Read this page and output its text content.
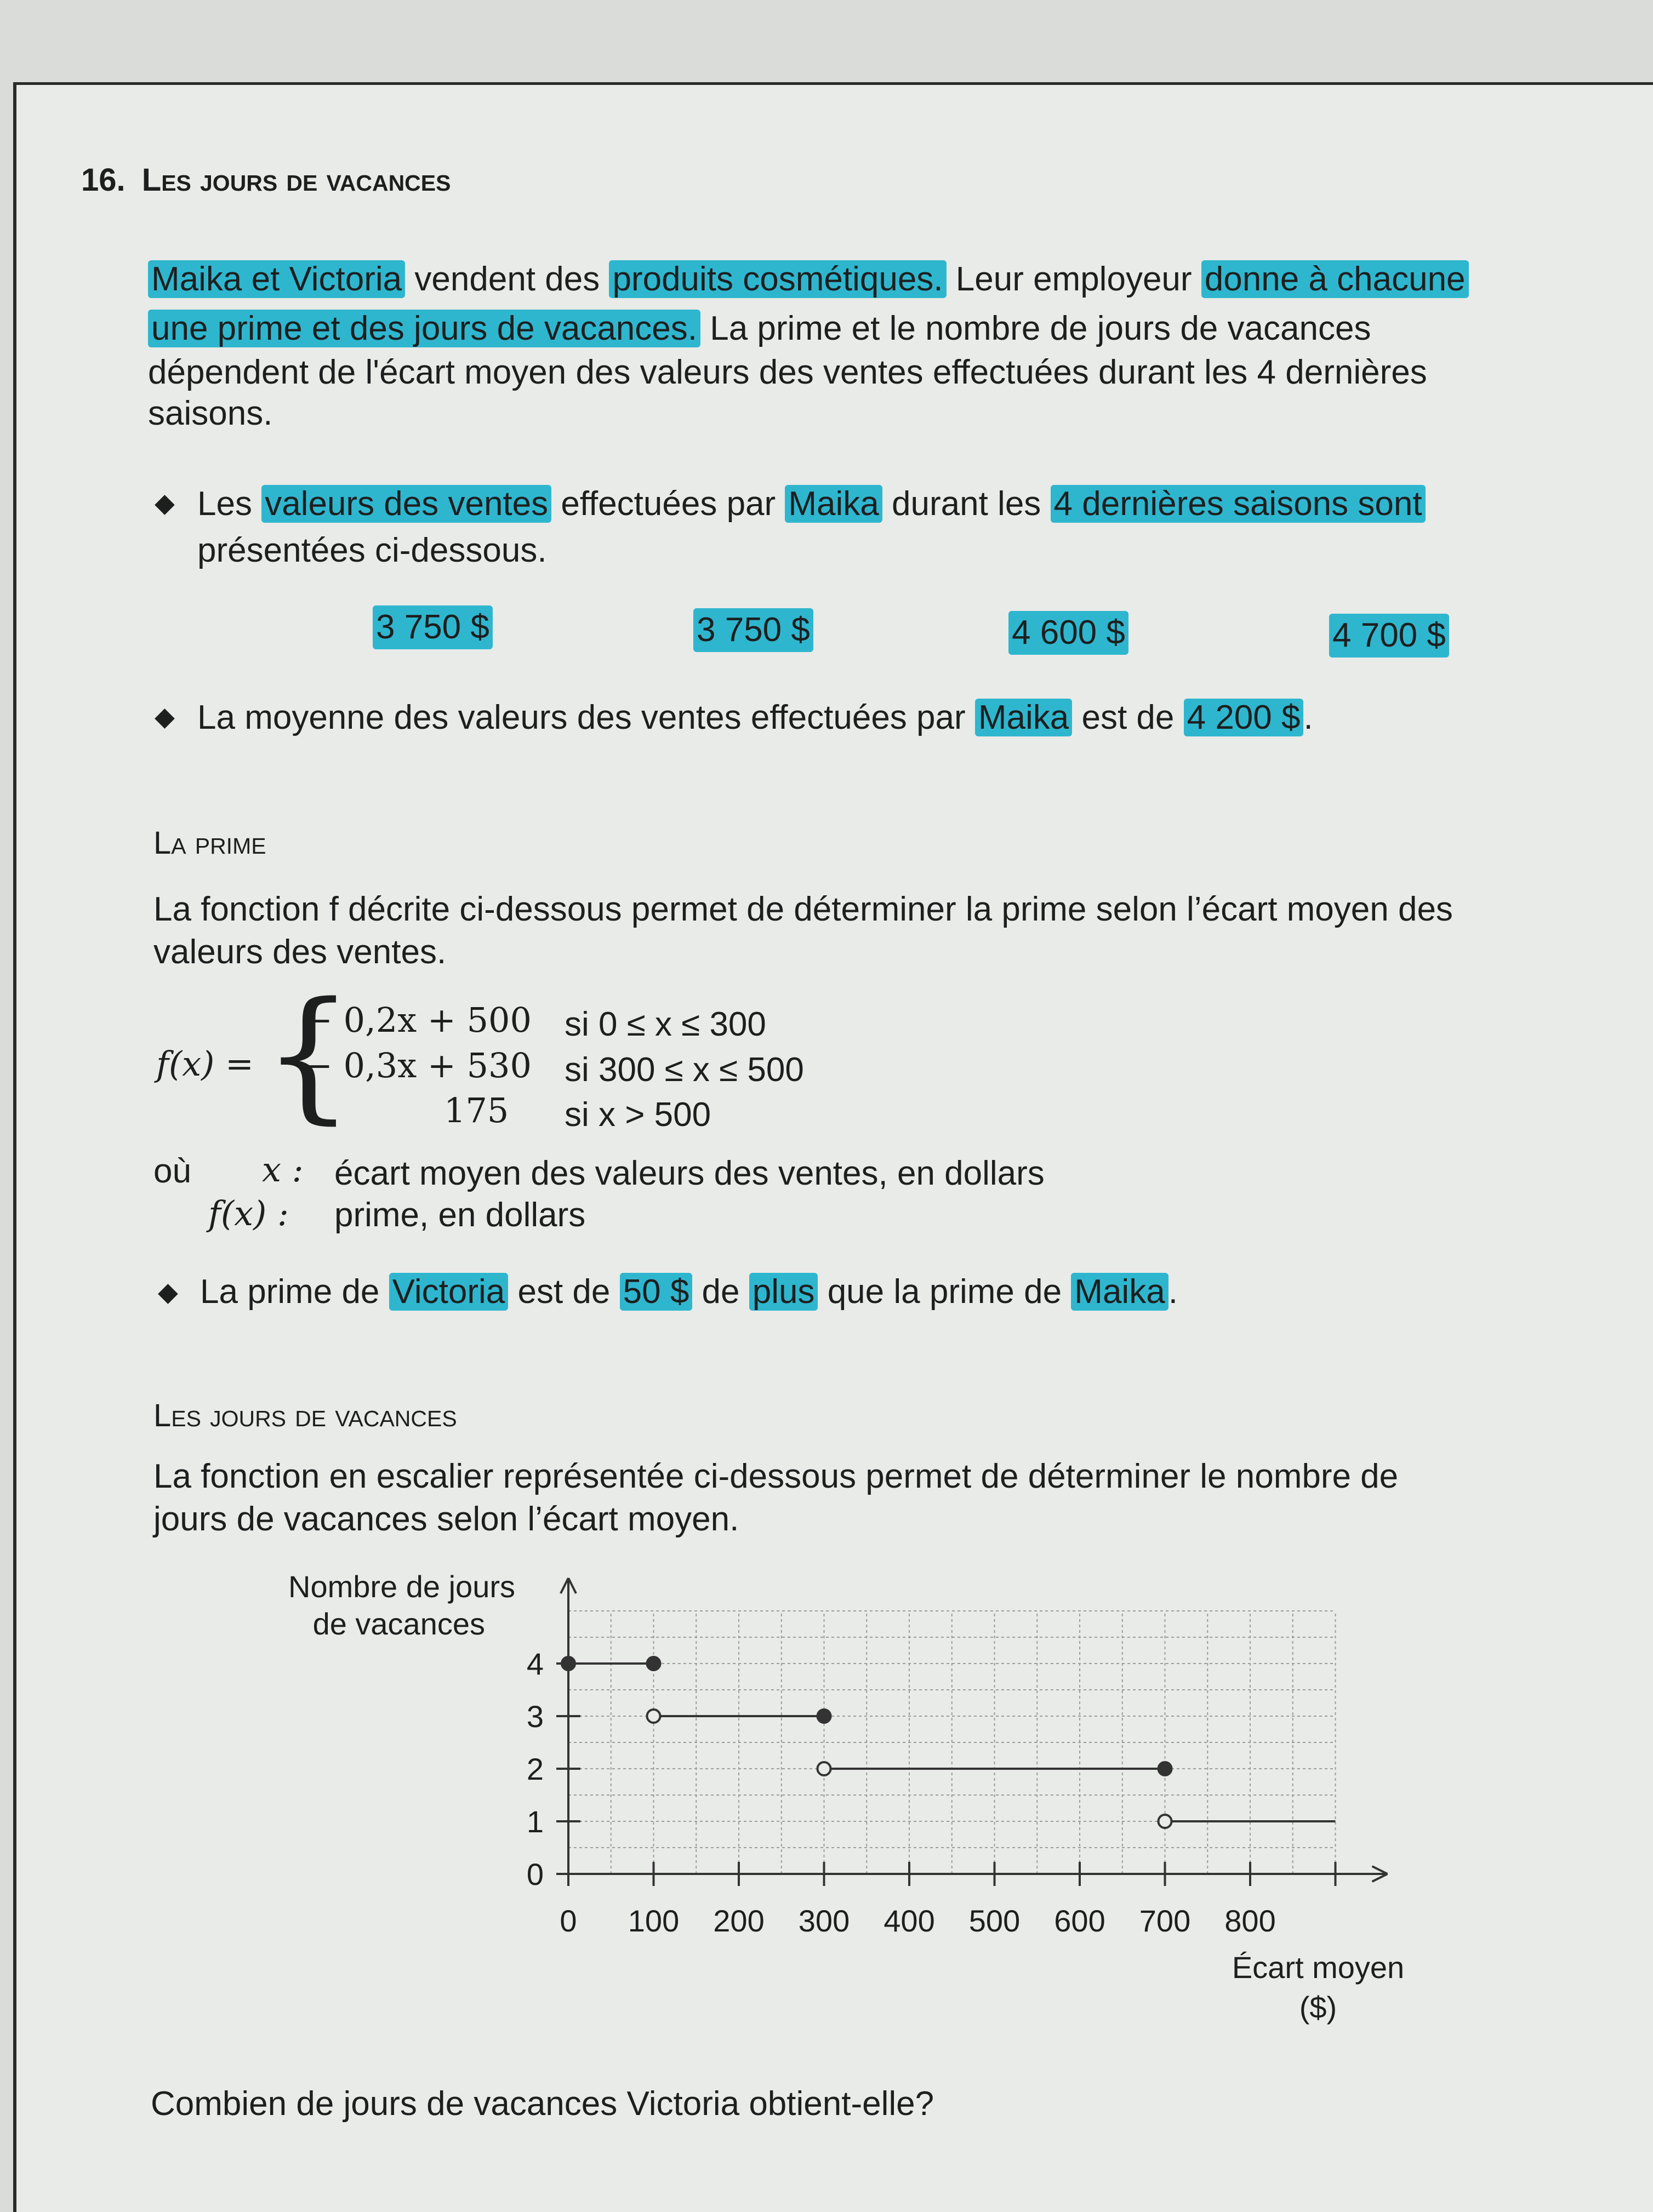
16. Les jours de vacances
Maika et Victoria vendent des produits cosmétiques. Leur employeur donne à chacune
une prime et des jours de vacances. La prime et le nombre de jours de vacances
dépendent de l'écart moyen des valeurs des ventes effectuées durant les 4 dernières
saisons.
◆ Les valeurs des ventes effectuées par Maika durant les 4 dernières saisons sont
présentées ci-dessous.
3 750 $	3 750 $	4 600 $	4 700 $
◆ La moyenne des valeurs des ventes effectuées par Maika est de 4 200 $.
La prime
La fonction f décrite ci-dessous permet de déterminer la prime selon l’écart moyen des
valeurs des ventes.
f(x) = {
− 0,2x + 500 si 0 ≤ x ≤ 300
− 0,3x + 530 si 300 ≤ x ≤ 500
175 si x > 500
où x : écart moyen des valeurs des ventes, en dollars
f(x) : prime, en dollars
◆ La prime de Victoria est de 50 $ de plus que la prime de Maika.
Les jours de vacances
La fonction en escalier représentée ci-dessous permet de déterminer le nombre de
jours de vacances selon l’écart moyen.
0 100 200 300 400 500 600 700 800
0
1
2
3
4
Nombre de jours
de vacances
Écart moyen
($)
Combien de jours de vacances Victoria obtient-elle?
